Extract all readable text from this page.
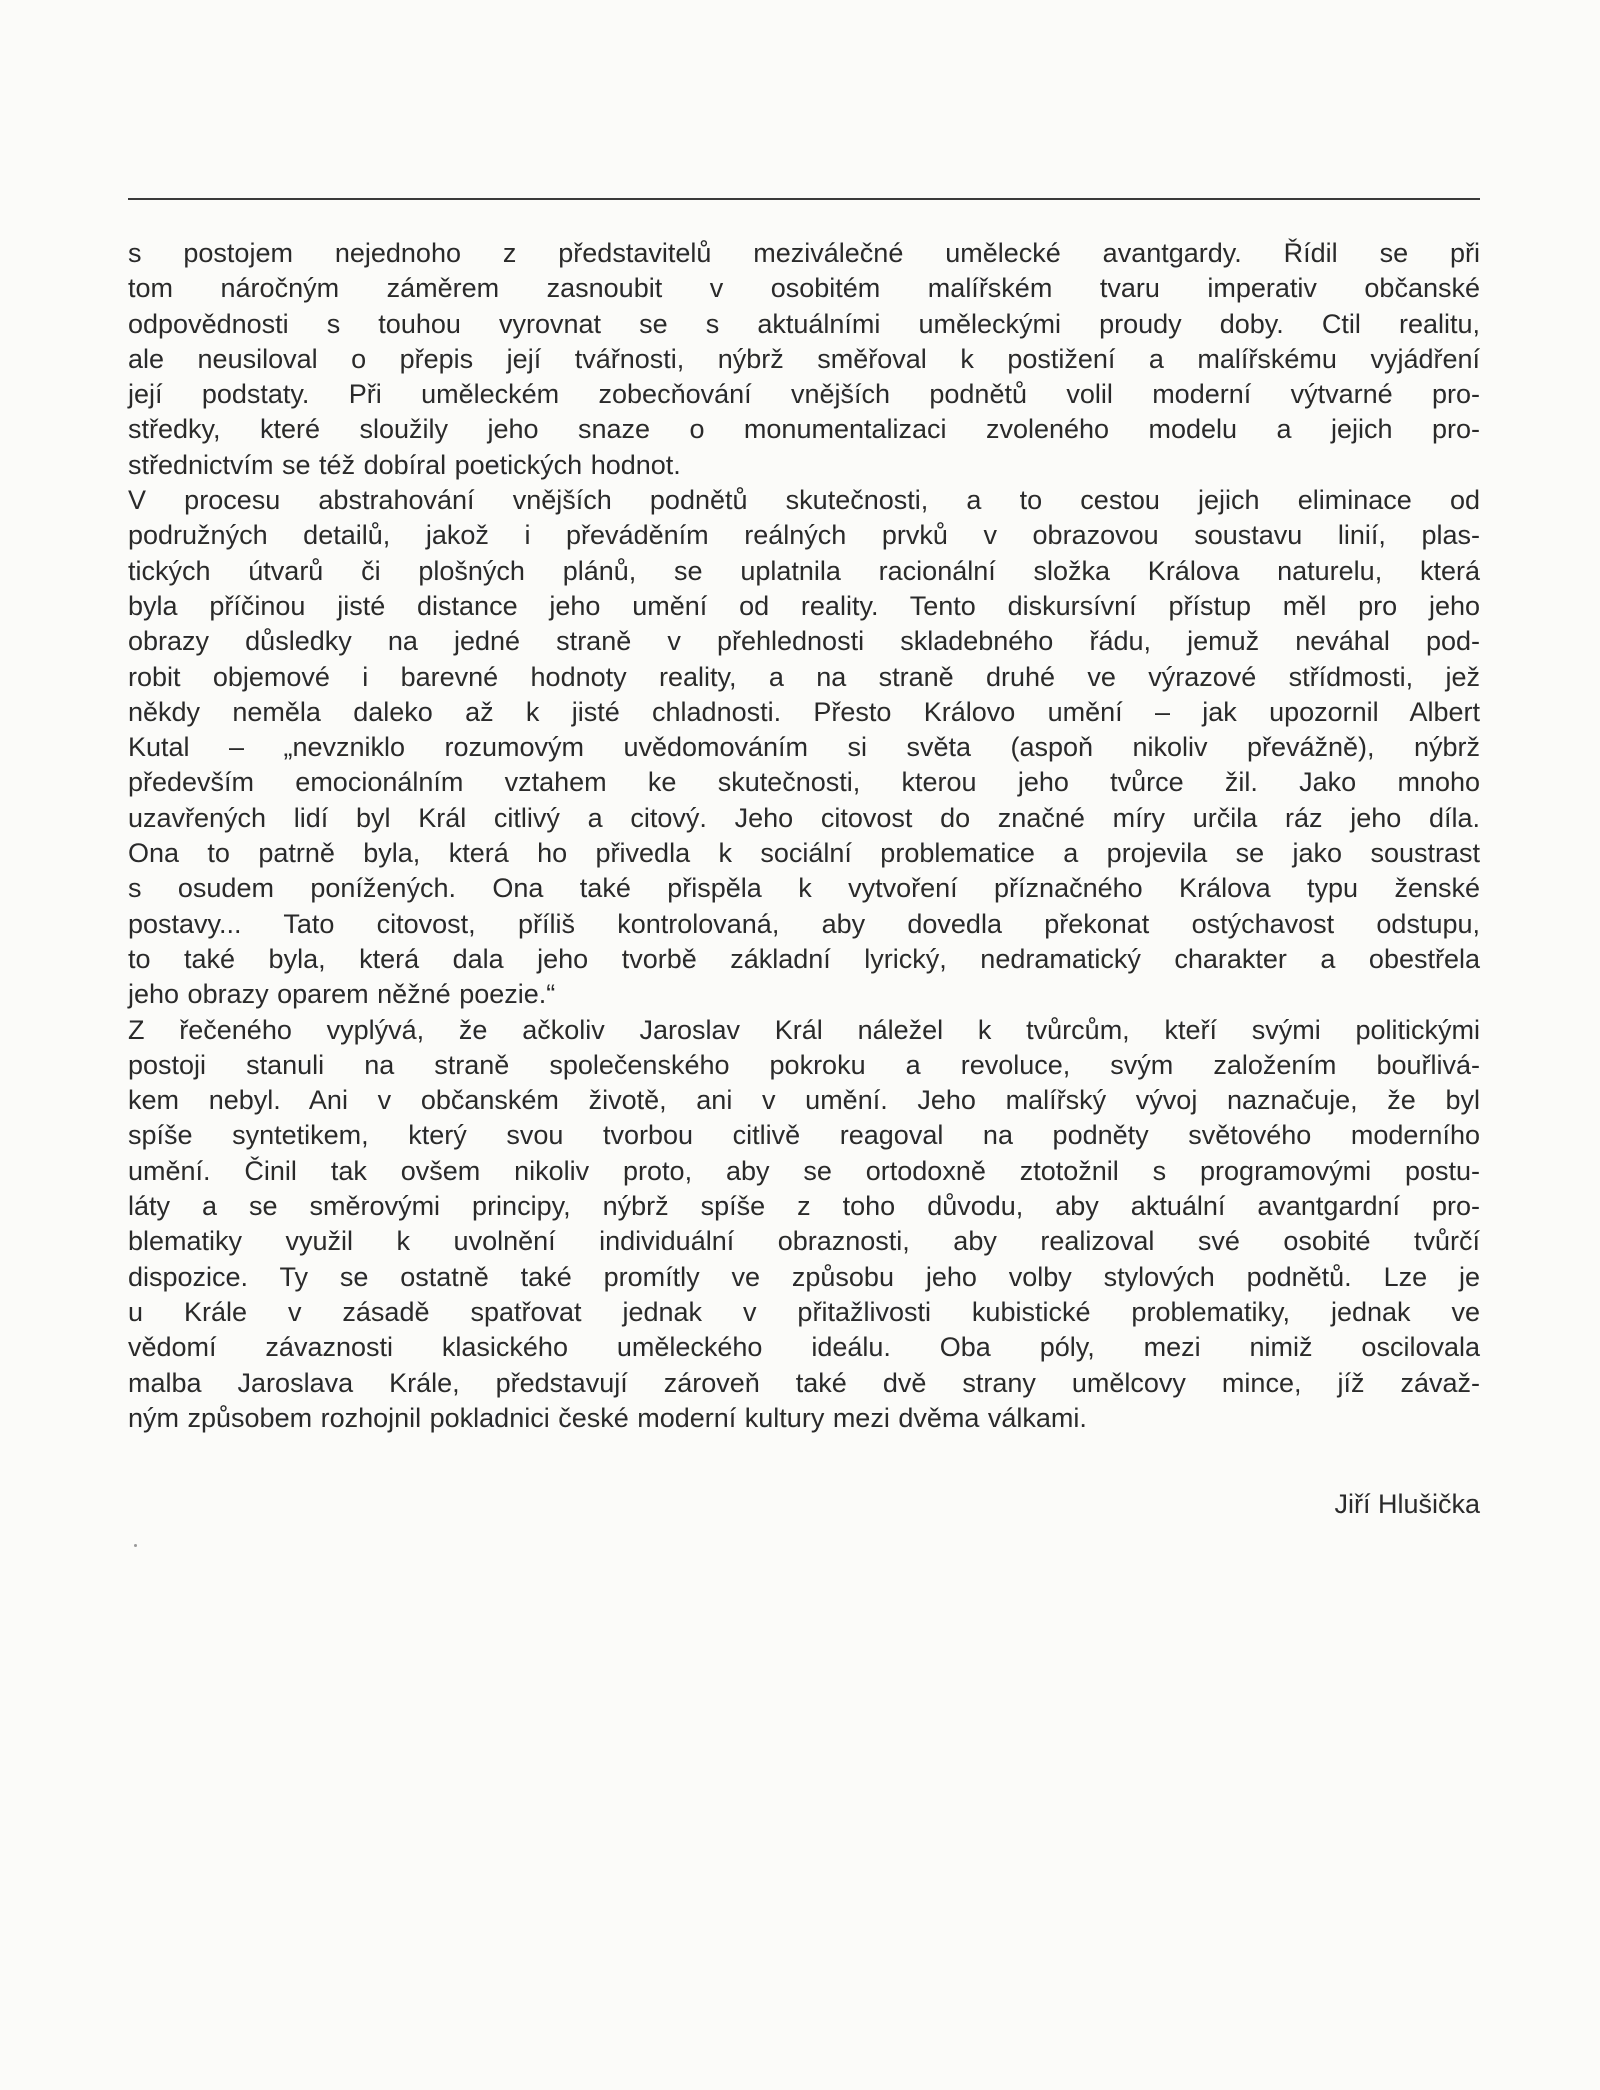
s postojem nejednoho z představitelů meziválečné umělecké avantgardy. Řídil se při
tom náročným záměrem zasnoubit v osobitém malířském tvaru imperativ občanské
odpovědnosti s touhou vyrovnat se s aktuálními uměleckými proudy doby. Ctil realitu,
ale neusiloval o přepis její tvářnosti, nýbrž směřoval k postižení a malířskému vyjádření
její podstaty. Při uměleckém zobecňování vnějších podnětů volil moderní výtvarné pro-
středky, které sloužily jeho snaze o monumentalizaci zvoleného modelu a jejich pro-
střednictvím se též dobíral poetických hodnot.
V procesu abstrahování vnějších podnětů skutečnosti, a to cestou jejich eliminace od
podružných detailů, jakož i převáděním reálných prvků v obrazovou soustavu linií, plas-
tických útvarů či plošných plánů, se uplatnila racionální složka Králova naturelu, která
byla příčinou jisté distance jeho umění od reality. Tento diskursívní přístup měl pro jeho
obrazy důsledky na jedné straně v přehlednosti skladebného řádu, jemuž neváhal pod-
robit objemové i barevné hodnoty reality, a na straně druhé ve výrazové střídmosti, jež
někdy neměla daleko až k jisté chladnosti. Přesto Královo umění – jak upozornil Albert
Kutal – „nevzniklo rozumovým uvědomováním si světa (aspoň nikoliv převážně), nýbrž
především emocionálním vztahem ke skutečnosti, kterou jeho tvůrce žil. Jako mnoho
uzavřených lidí byl Král citlivý a citový. Jeho citovost do značné míry určila ráz jeho díla.
Ona to patrně byla, která ho přivedla k sociální problematice a projevila se jako soustrast
s osudem ponížených. Ona také přispěla k vytvoření příznačného Králova typu ženské
postavy... Tato citovost, příliš kontrolovaná, aby dovedla překonat ostýchavost odstupu,
to také byla, která dala jeho tvorbě základní lyrický, nedramatický charakter a obestřela
jeho obrazy oparem něžné poezie.“
Z řečeného vyplývá, že ačkoliv Jaroslav Král náležel k tvůrcům, kteří svými politickými
postoji stanuli na straně společenského pokroku a revoluce, svým založením bouřlivá-
kem nebyl. Ani v občanském životě, ani v umění. Jeho malířský vývoj naznačuje, že byl
spíše syntetikem, který svou tvorbou citlivě reagoval na podněty světového moderního
umění. Činil tak ovšem nikoliv proto, aby se ortodoxně ztotožnil s programovými postu-
láty a se směrovými principy, nýbrž spíše z toho důvodu, aby aktuální avantgardní pro-
blematiky využil k uvolnění individuální obraznosti, aby realizoval své osobité tvůrčí
dispozice. Ty se ostatně také promítly ve způsobu jeho volby stylových podnětů. Lze je
u Krále v zásadě spatřovat jednak v přitažlivosti kubistické problematiky, jednak ve
vědomí závaznosti klasického uměleckého ideálu. Oba póly, mezi nimiž oscilovala
malba Jaroslava Krále, představují zároveň také dvě strany umělcovy mince, jíž závaž-
ným způsobem rozhojnil pokladnici české moderní kultury mezi dvěma válkami.
Jiří Hlušička
